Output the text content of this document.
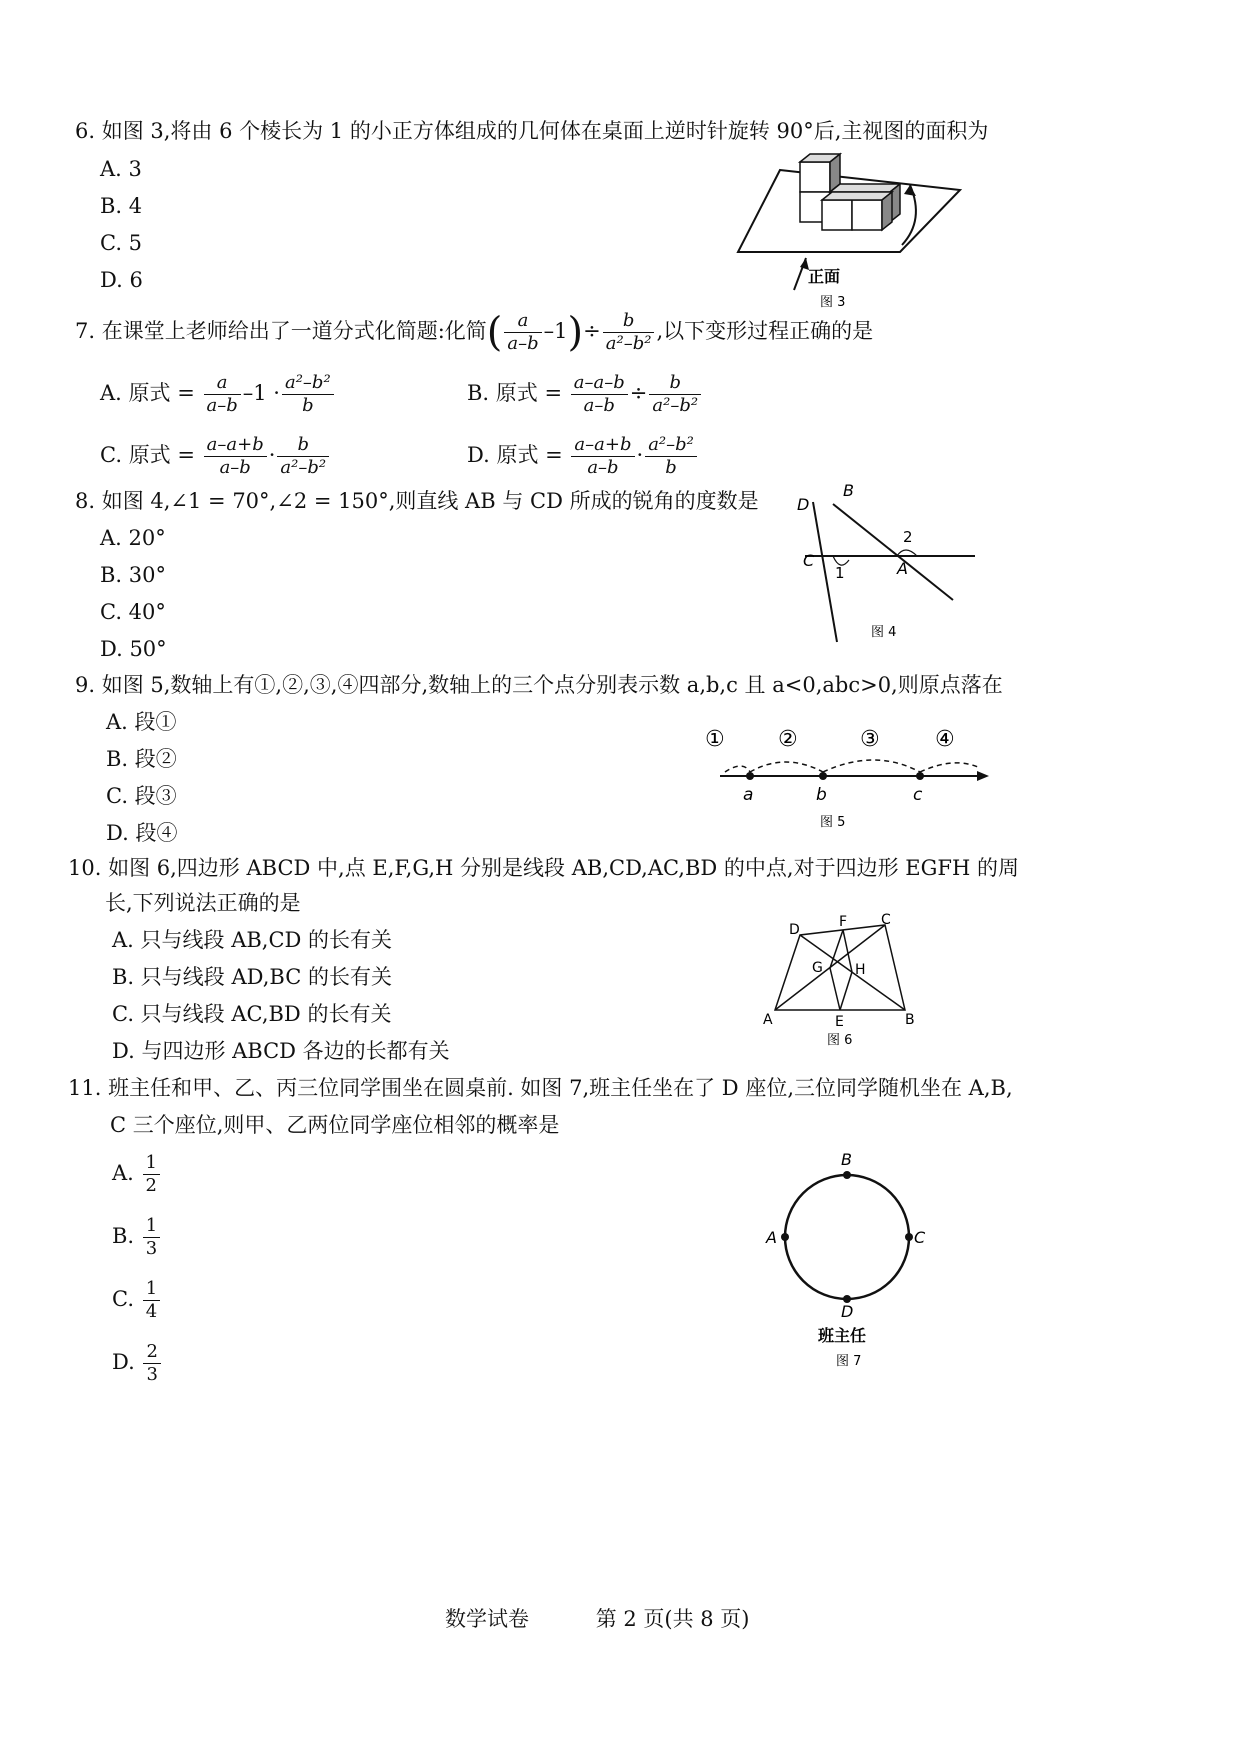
6. 如图 3,将由 6 个棱长为 1 的小正方体组成的几何体在桌面上逆时针旋转 90°后,主视图的面积为
A. 3
B. 4
C. 5
D. 6	正面
图 3
7. 在课堂上老师给出了一道分式化简题:化简( $\frac{a}{a-b} -1)\div \frac{b}{\text{a²–b²}}$ ,以下变形过程正确的是
A. 原式 = $\frac{a}{a-b} -1 \cdot \frac{\text{a²–b²}}{b}$	B. 原式 = $\frac{a-a-b}{a-b} \div \frac{b}{\text{a²–b²}}$
C. 原式 = $\frac{a-a+b}{a-b} \cdot \frac{b}{\text{a²–b²}}$	D. 原式 = $\frac{a-a+b}{a-b} \cdot \frac{\text{a²–b²}}{b}$
8. 如图 4,∠1 = 70°,∠2 = 150°,则直线 AB 与 CD 所成的锐角的度数是
A. 20°
B. 30°
C. 40°
D. 50°
D
B
C	A
1
2
图 4
9. 如图 5,数轴上有①,②,③,④四部分,数轴上的三个点分别表示数 a,b,c 且 a<0,abc>0,则原点落在
A. 段①
B. 段②
C. 段③
D. 段④
① ②	③	④
a	b	c
图 5
10. 如图 6,四边形 ABCD 中,点 E,F,G,H 分别是线段 AB,CD,AC,BD 的中点,对于四边形 EGFH 的周
长,下列说法正确的是
A. 只与线段 AB,CD 的长有关
B. 只与线段 AD,BC 的长有关
C. 只与线段 AC,BD 的长有关
D. 与四边形 ABCD 各边的长都有关
A	B
C
D
E
F
G H
图 6
11. 班主任和甲、乙、丙三位同学围坐在圆桌前. 如图 7,班主任坐在了 D 座位,三位同学随机坐在 A,B,
C 三个座位,则甲、乙两位同学座位相邻的概率是
A. $\frac{1}{2}$
B. $\frac{1}{3}$
C. $\frac{1}{4}$
D. $\frac{2}{3}$
B
A	C
D
班主任
图 7
数学试卷	第 2 页(共 8 页)
